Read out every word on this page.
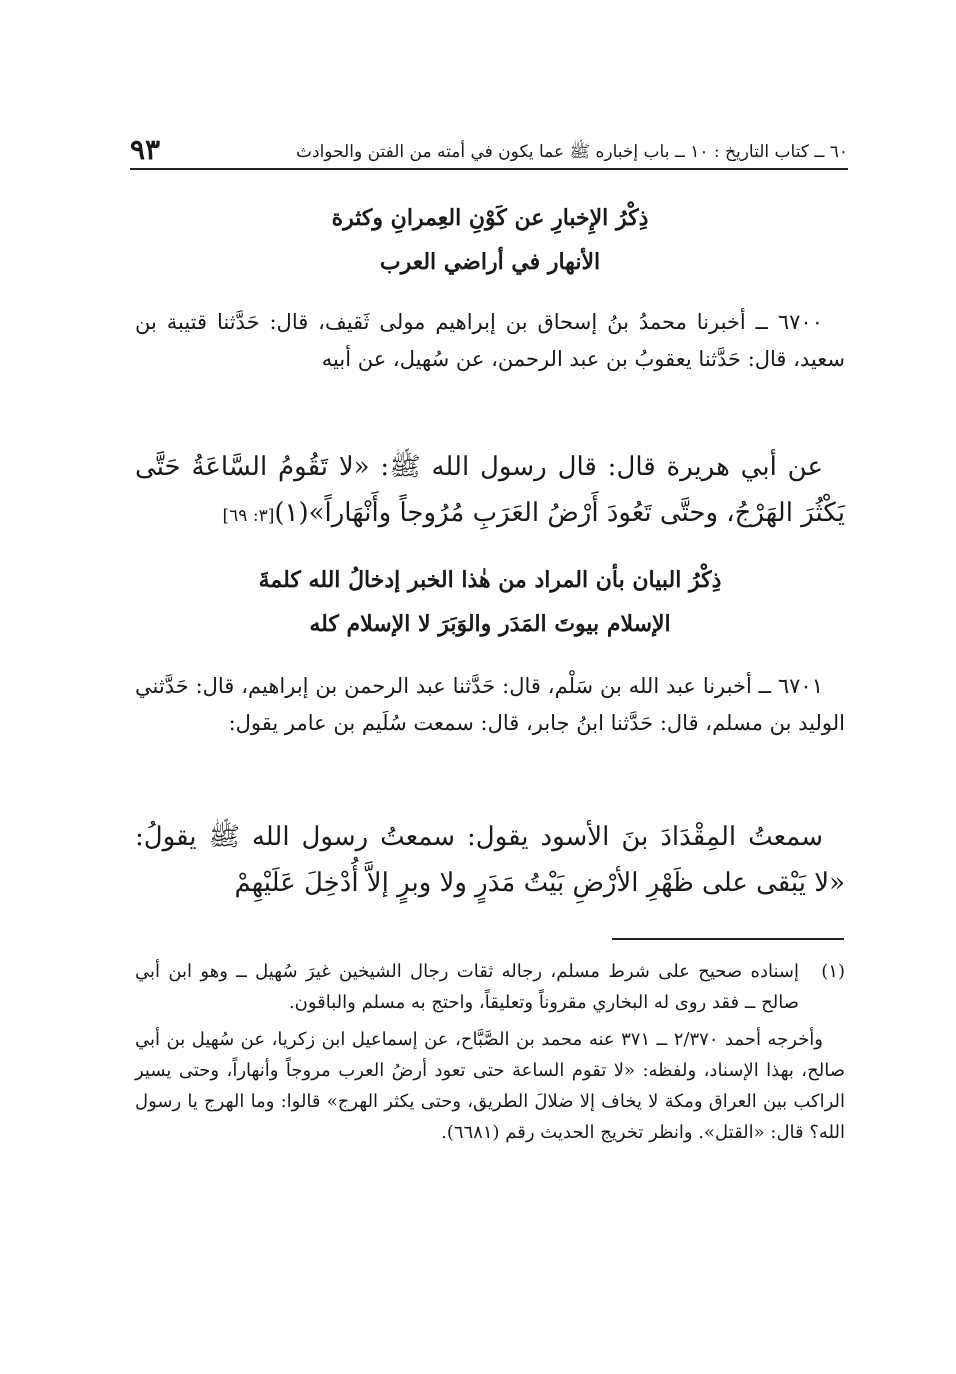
٦٠ ــ كتاب التاريخ : ١٠ ــ باب إخباره ﷺ عما يكون في أمته من الفتن والحوادث
٩٣
ذِكْرُ الإِخبارِ عن كَوْنِ العِمرانِ وكثرة
الأنهار في أراضي العرب
٦٧٠٠ ــ أخبرنا محمدُ بنُ إسحاق بن إبراهيم مولى ثَقيف، قال: حَدَّثنا قتيبة بن سعيد، قال: حَدَّثنا يعقوبُ بن عبد الرحمن، عن سُهيل، عن أبيه
عن أبي هريرة قال: قال رسول الله ﷺ: «لا تَقُومُ السَّاعَةُ حَتَّى يَكْثُرَ الهَرْجُ، وحتَّى تَعُودَ أَرْضُ العَرَبِ مُرُوجاً وأَنْهَاراً»(١)[٣: ٦٩]
ذِكْرُ البيان بأن المراد من هٰذا الخبر إدخالُ الله كلمةَ
الإسلام بيوتَ المَدَر والوَبَرَ لا الإسلام كله
٦٧٠١ ــ أخبرنا عبد الله بن سَلْم، قال: حَدَّثنا عبد الرحمن بن إبراهيم، قال: حَدَّثني الوليد بن مسلم، قال: حَدَّثنا ابنُ جابر، قال: سمعت سُلَيم بن عامر يقول:
سمعتُ المِقْدَادَ بنَ الأسود يقول: سمعتُ رسول الله ﷺ يقولُ: «لا يَبْقى على ظَهْرِ الأرْضِ بَيْتُ مَدَرٍ ولا وبرٍ إلاَّ أُدْخِلَ عَلَيْهِمْ
(١)
إسناده صحيح على شرط مسلم، رجاله ثقات رجال الشيخين غيرَ سُهيل ــ وهو ابن أبي صالح ــ فقد روى له البخاري مقروناً وتعليقاً، واحتج به مسلم والباقون.
وأخرجه أحمد ٢/٣٧٠ ــ ٣٧١ عنه محمد بن الصَّبَّاح، عن إسماعيل ابن زكريا، عن سُهيل بن أبي صالح، بهذا الإسناد، ولفظه: «لا تقوم الساعة حتى تعود أرضُ العرب مروجاً وأنهاراً، وحتى يسير الراكب بين العراق ومكة لا يخاف إلا ضلالَ الطريق، وحتى يكثر الهرج» قالوا: وما الهرج يا رسول الله؟ قال: «القتل». وانظر تخريج الحديث رقم (٦٦٨١).
